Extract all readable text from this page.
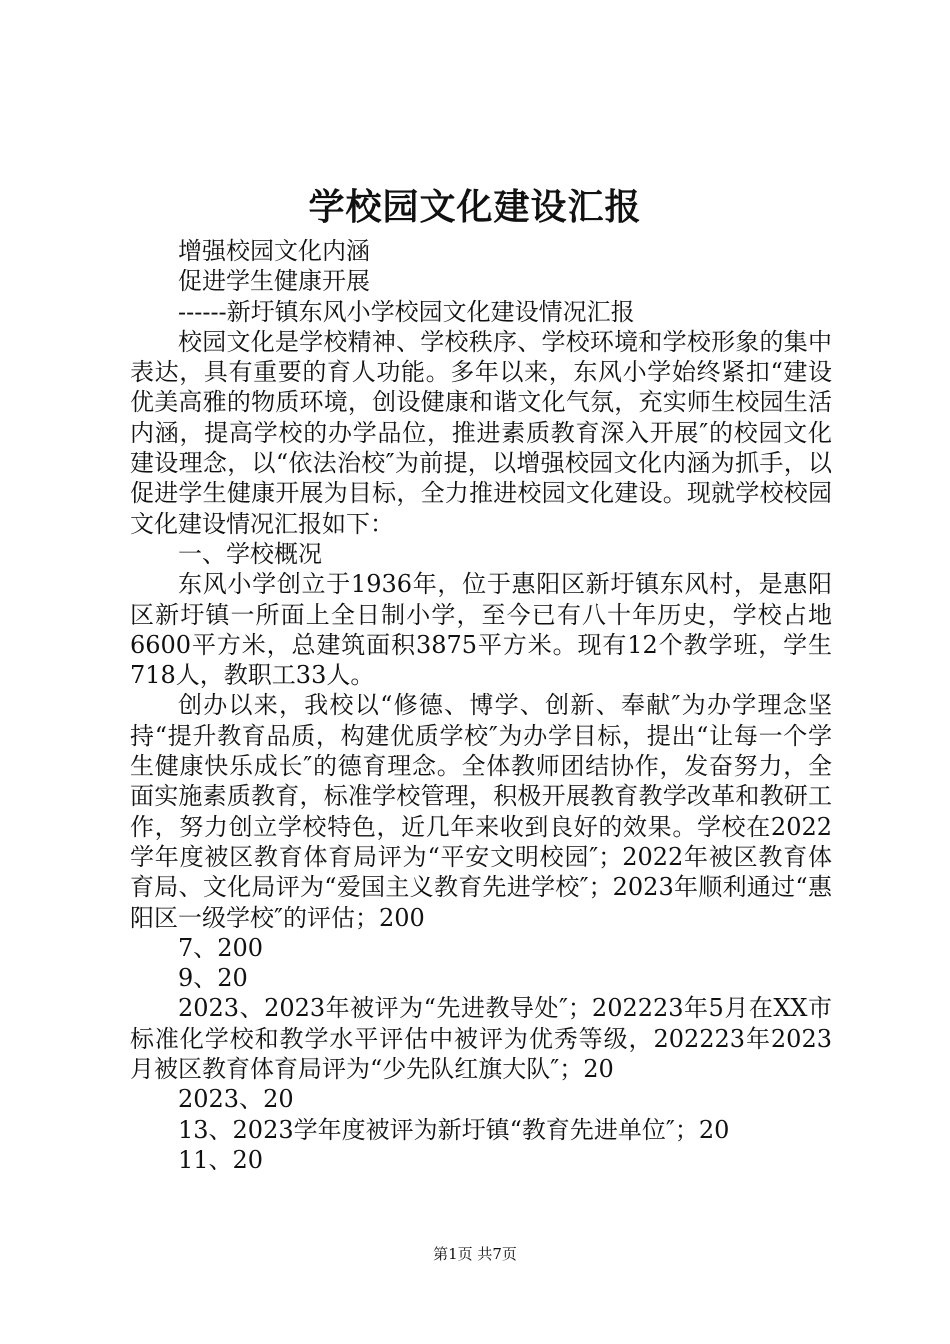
学校园文化建设汇报

增强校园文化内涵

促进学生健康开展

------新圩镇东风小学校园文化建设情况汇报

校园文化是学校精神、学校秩序、学校环境和学校形象的集中表达，具有重要的育人功能。多年以来，东风小学始终紧扣“建设优美高雅的物质环境，创设健康和谐文化气氛，充实师生校园生活内涵，提高学校的办学品位，推进素质教育深入开展″的校园文化建设理念，以“依法治校″为前提，以增强校园文化内涵为抓手，以促进学生健康开展为目标，全力推进校园文化建设。现就学校校园文化建设情况汇报如下：

一、学校概况

东风小学创立于1936年，位于惠阳区新圩镇东风村，是惠阳区新圩镇一所面上全日制小学，至今已有八十年历史，学校占地6600平方米，总建筑面积3875平方米。现有12个教学班，学生718人，教职工33人。

创办以来，我校以“修德、博学、创新、奉献″为办学理念坚持“提升教育品质，构建优质学校″为办学目标，提出“让每一个学生健康快乐成长″的德育理念。全体教师团结协作，发奋努力，全面实施素质教育，标准学校管理，积极开展教育教学改革和教研工作，努力创立学校特色，近几年来收到良好的效果。学校在2022学年度被区教育体育局评为“平安文明校园″；2022年被区教育体育局、文化局评为“爱国主义教育先进学校″；2023年顺利通过“惠阳区一级学校″的评估；200

7、200

9、20

2023、2023年被评为“先进教导处″；202223年5月在XX市标准化学校和教学水平评估中被评为优秀等级，202223年2023月被区教育体育局评为“少先队红旗大队″；20

2023、20

13、2023学年度被评为新圩镇“教育先进单位″；20

11、20

第1页 共7页
